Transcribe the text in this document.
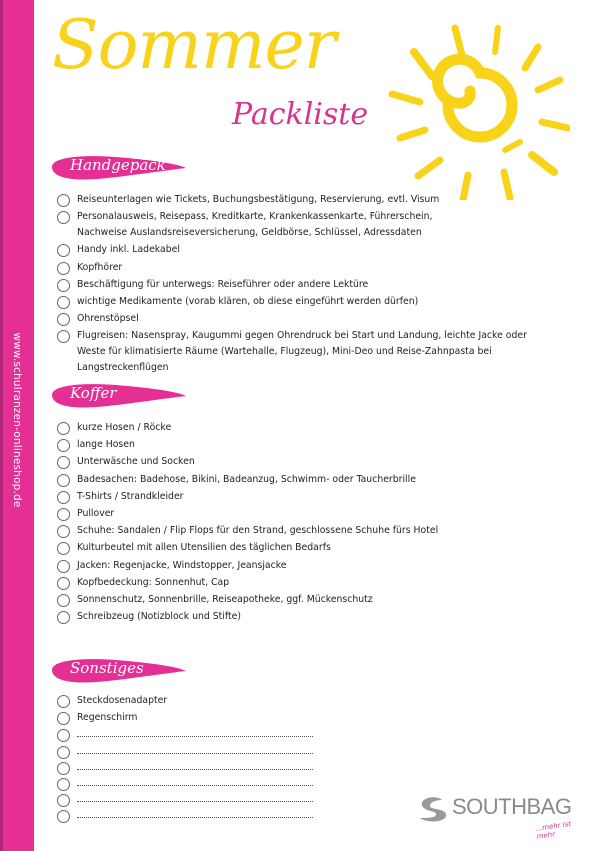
www.schulranzen-onlineshop.de
Sommer
Packliste
Handgepäck
Reiseunterlagen wie Tickets, Buchungsbestätigung, Reservierung, evtl. Visum
Personalausweis, Reisepass, Kreditkarte, Krankenkassenkarte, Führerschein, Nachweise Auslandsreiseversicherung, Geldbörse, Schlüssel, Adressdaten
Handy inkl. Ladekabel
Kopfhörer
Beschäftigung für unterwegs: Reiseführer oder andere Lektüre
wichtige Medikamente (vorab klären, ob diese eingeführt werden dürfen)
Ohrenstöpsel
Flugreisen: Nasenspray, Kaugummi gegen Ohrendruck bei Start und Landung, leichte Jacke oder Weste für klimatisierte Räume (Wartehalle, Flugzeug), Mini-Deo und Reise-Zahnpasta bei Langstreckenflügen
Koffer
kurze Hosen / Röcke
lange Hosen
Unterwäsche und Socken
Badesachen: Badehose, Bikini, Badeanzug, Schwimm- oder Taucherbrille
T-Shirts / Strandkleider
Pullover
Schuhe: Sandalen / Flip Flops für den Strand, geschlossene Schuhe fürs Hotel
Kulturbeutel mit allen Utensilien des täglichen Bedarfs
Jacken: Regenjacke, Windstopper, Jeansjacke
Kopfbedeckung: Sonnenhut, Cap
Sonnenschutz, Sonnenbrille, Reiseapotheke, ggf. Mückenschutz
Schreibzeug (Notizblock und Stifte)
Sonstiges
Steckdosenadapter
Regenschirm
SOUTHBAG
...mehr ist mehr
